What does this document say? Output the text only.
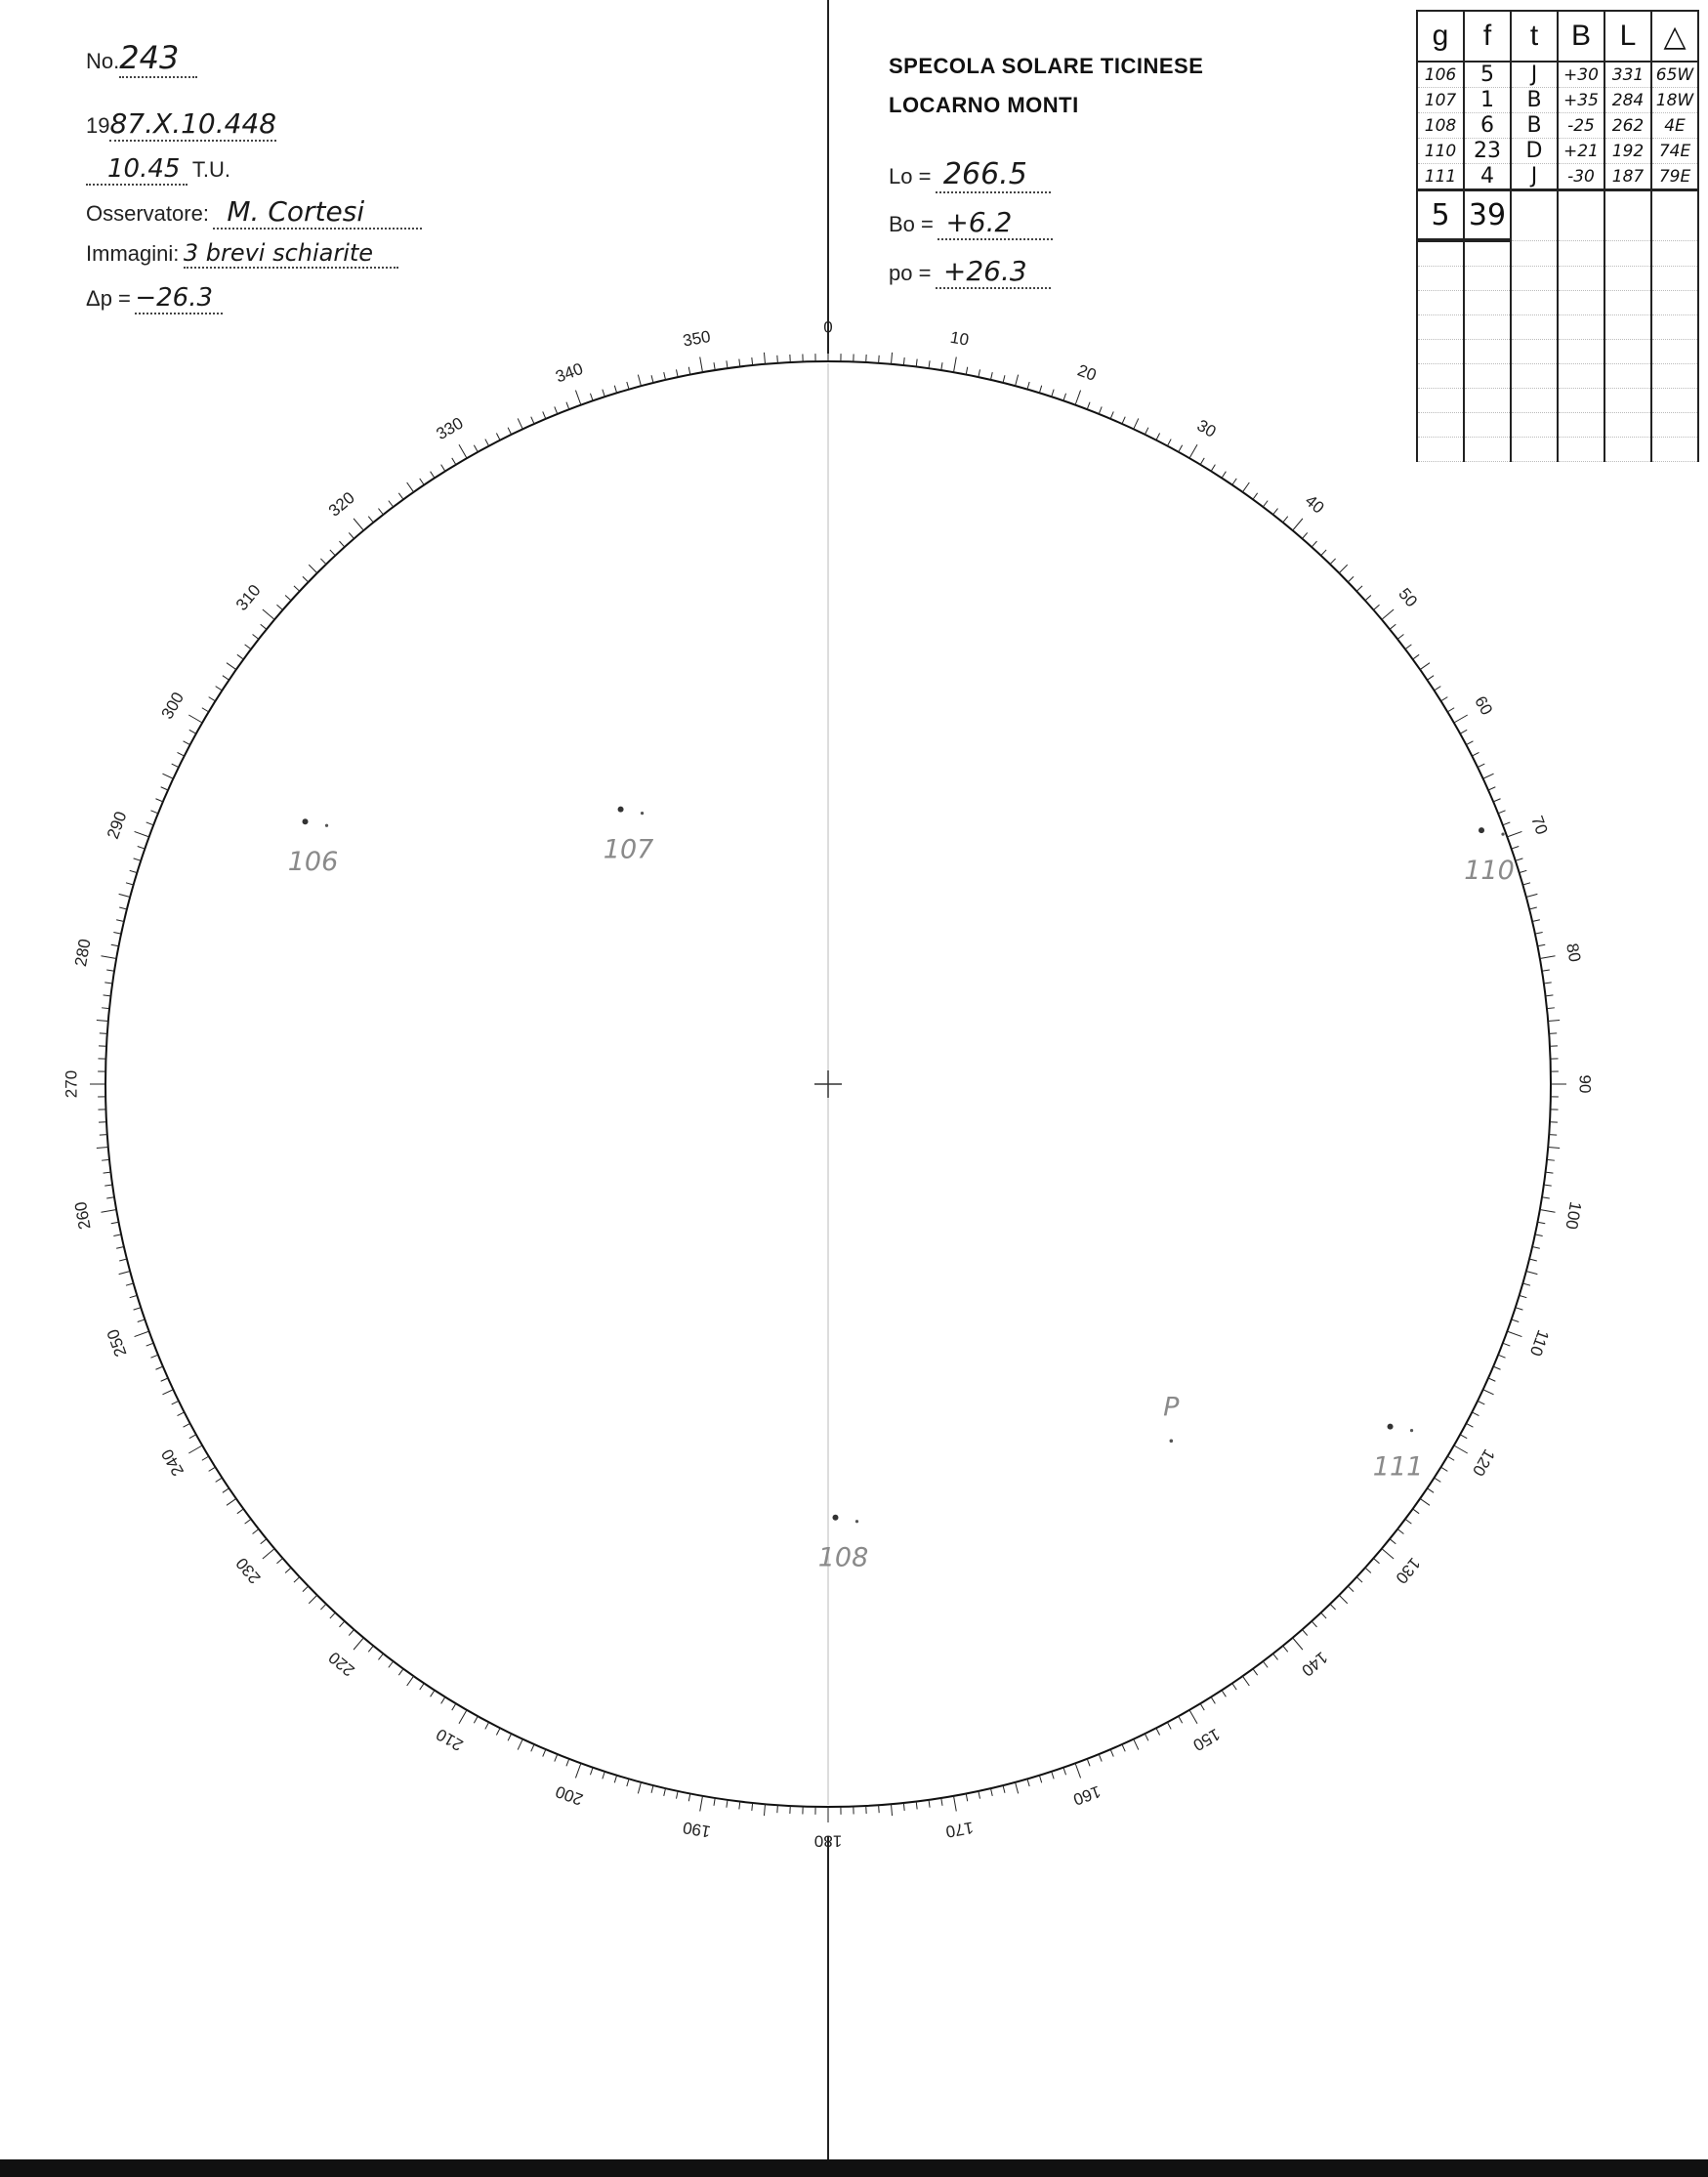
No.243
1987.X.10.448
10.45 T.U.
Osservatore: M. Cortesi
Immagini: 3 brevi schiarite
Δp = −26.3
SPECOLA SOLARE TICINESE
LOCARNO MONTI
Lo = 266.5
Bo = +6.2
po = +26.3
g	f	t	B	L	△
106	5	J	+30	331	65W
107	1	B	+35	284	18W
108	6	B	-25	262	4E
110	23	D	+21	192	74E
111	4	J	-30	187	79E
5	39				

0
10
20
30
40
50
60
70
80
90
100
110
120
130
140
150
160
170
180
190
200
210
220
230
240
250
260
270
280
290
300
310
320
330
340
350
106	107
110
108
111
P
